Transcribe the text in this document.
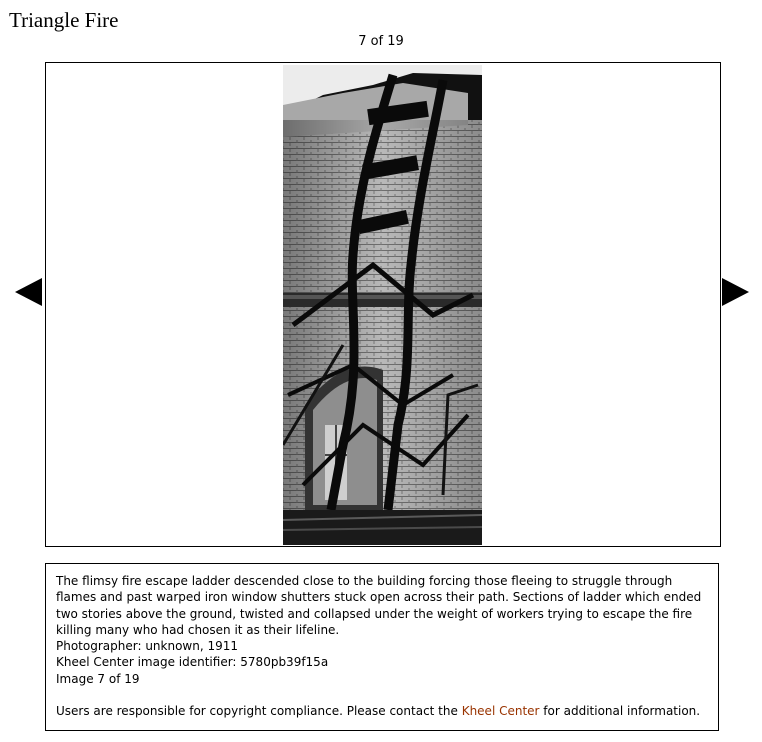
Triangle Fire
7 of 19

The flimsy fire escape ladder descended close to the building forcing those fleeing to struggle through flames and past warped iron window shutters stuck open across their path. Sections of ladder which ended two stories above the ground, twisted and collapsed under the weight of workers trying to escape the fire killing many who had chosen it as their lifeline.

Photographer: unknown, 1911
Kheel Center image identifier: 5780pb39f15a
Image 7 of 19

Users are responsible for copyright compliance. Please contact the Kheel Center for additional information.
